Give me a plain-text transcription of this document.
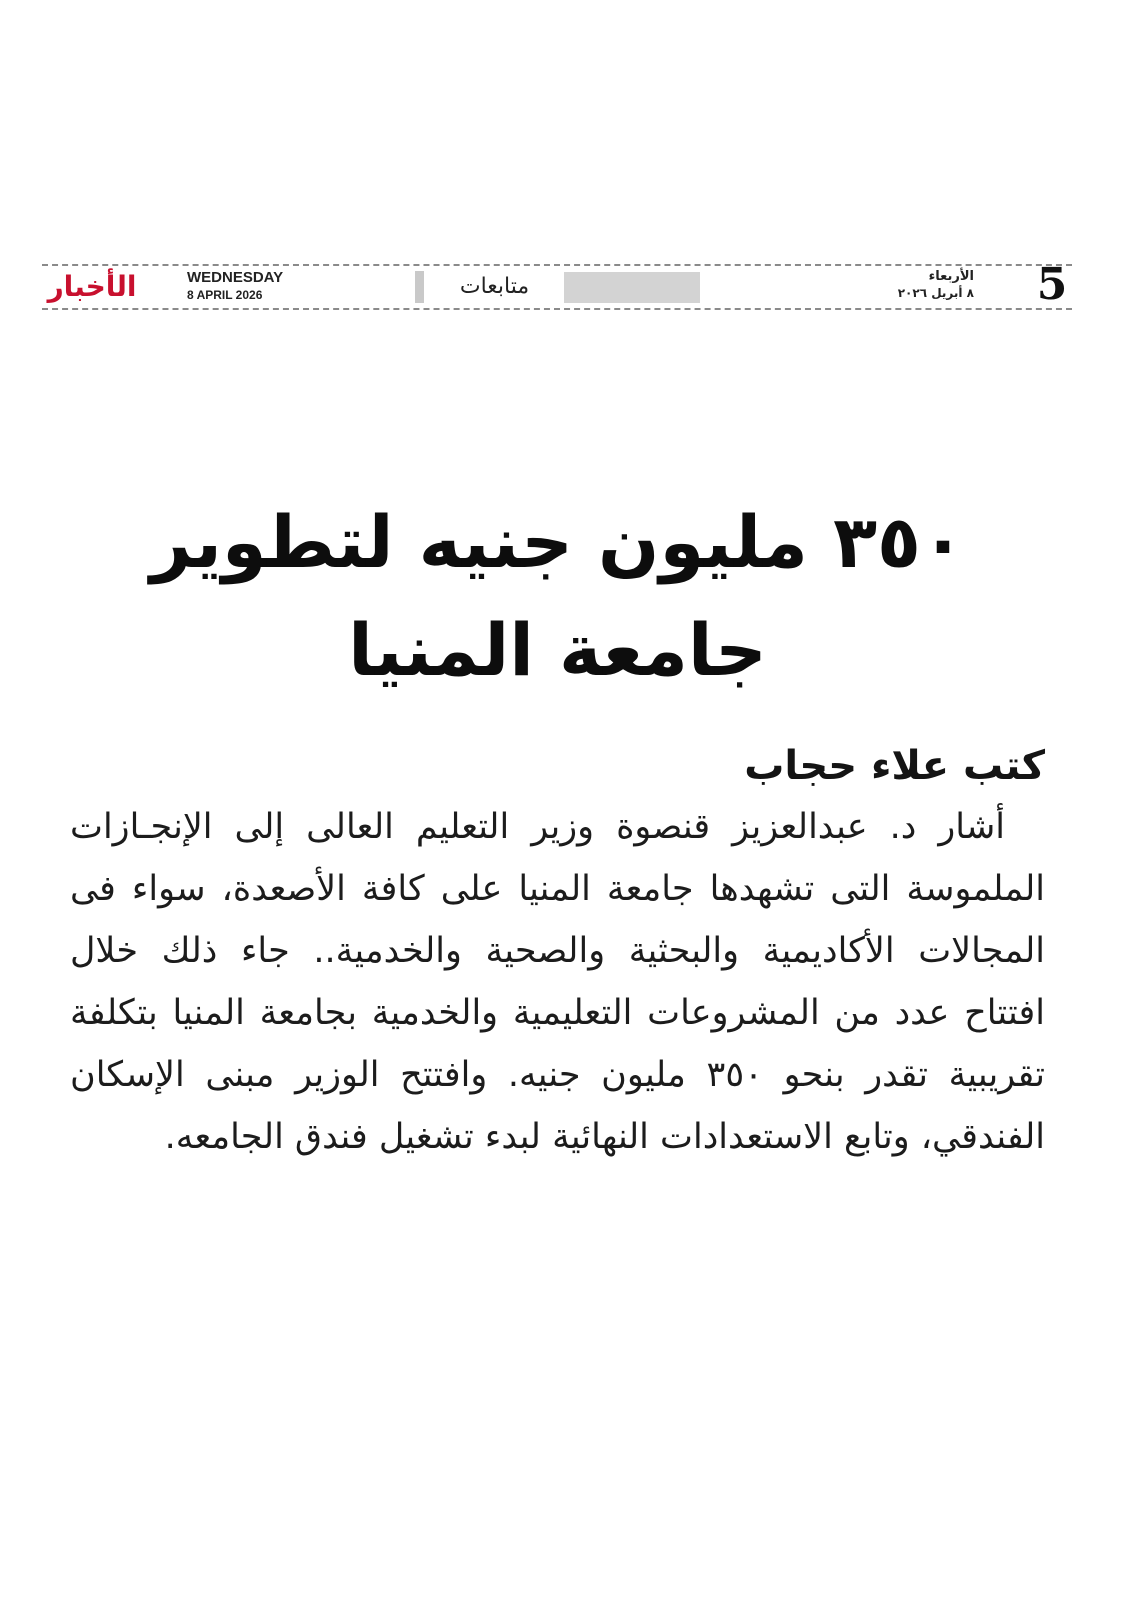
الأخبار	WEDNESDAY
8 APRIL 2026	متابعات	الأربعاء
٨ أبريل ٢٠٢٦ 5
٣٥٠ مليون جنيه لتطوير جامعة المنيا

كتب علاء حجاب

أشار د. عبدالعزيز قنصوة وزير التعليم العالى إلى الإنجـازات الملموسة التى تشهدها جامعة المنيا على كافة الأصعدة، سواء فى المجالات الأكاديمية والبحثية والصحية والخدمية.. جاء ذلك خلال افتتاح عدد من المشروعات التعليمية والخدمية بجامعة المنيا بتكلفة تقريبية تقدر بنحو ٣٥٠ مليون جنيه. وافتتح الوزير مبنى الإسكان الفندقي، وتابع الاستعدادات النهائية لبدء تشغيل فندق الجامعه.
